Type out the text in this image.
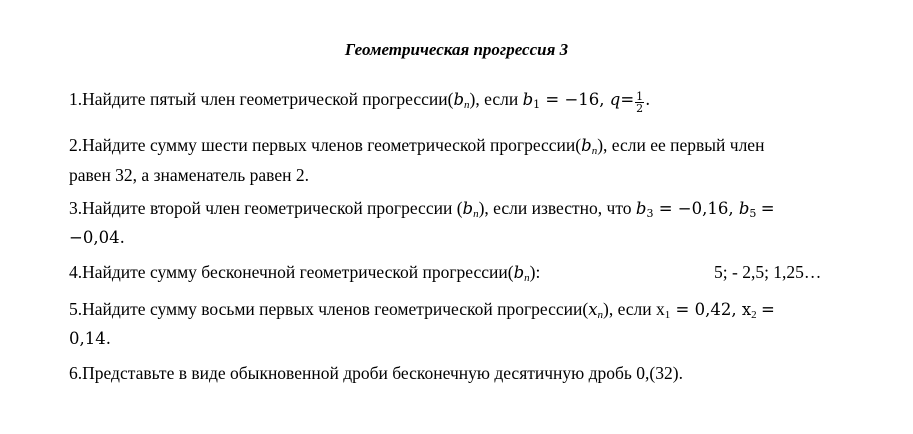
Геометрическая прогрессия 3
1.Найдите пятый член геометрической $прогрессии(b_n)$, если b1 = −16, $q= \frac{1}{2}$ .
2.Найдите сумму шести первых членов геометрической $прогрессии(b_n)$, если ее первый член
равен 32, а знаменатель равен 2.
3.Найдите второй член геометрической прогрессии $(b_n)$, если известно, что b3 = −0,16, b5 =
−0,04.
4.Найдите сумму бесконечной геометрической $прогрессии(b_n)$:	5; - 2,5; 1,25…
5.Найдите сумму восьми первых членов геометрической $прогрессии(x_n)$, если x1 = 0,42, x2 =
0,14.
6.Представьте в виде обыкновенной дроби бесконечную десятичную дробь 0,(32).
